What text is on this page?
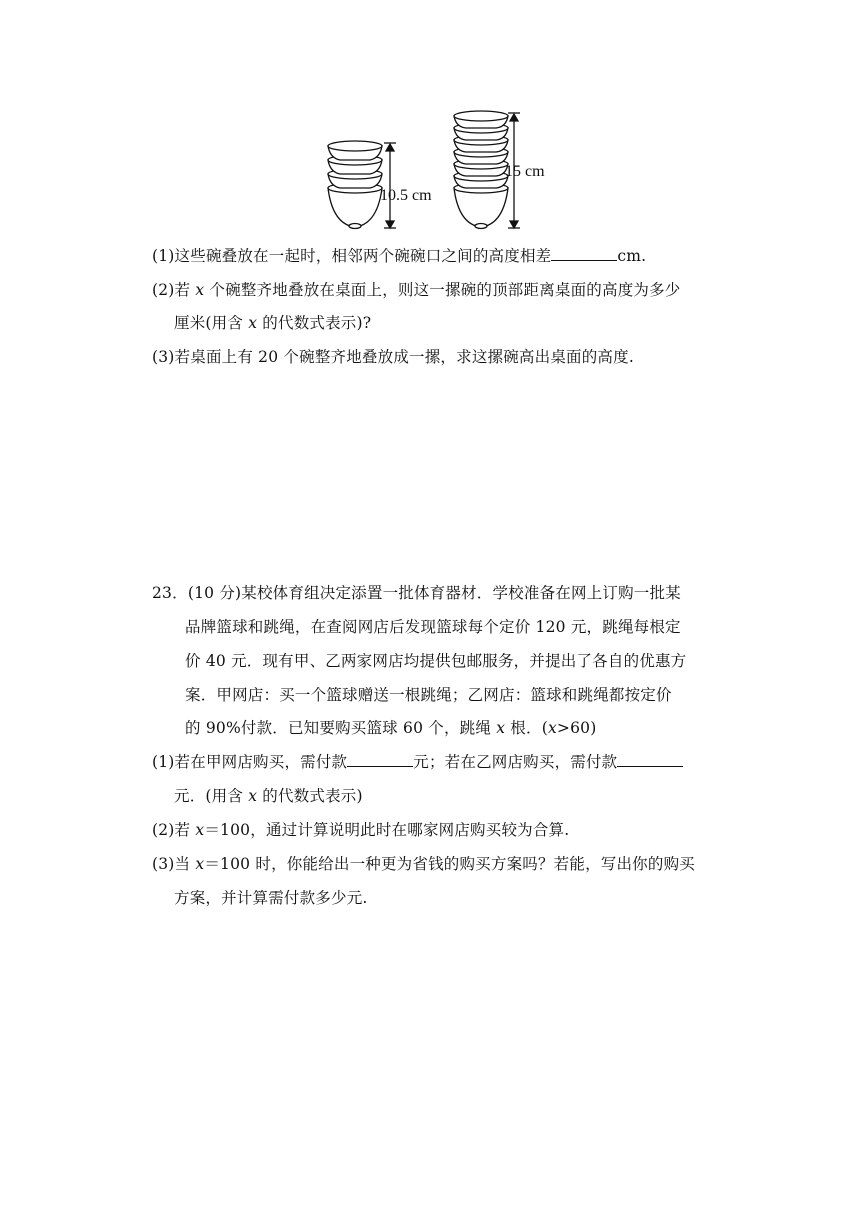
10.5 cm
15 cm
(1)这些碗叠放在一起时，相邻两个碗碗口之间的高度相差	cm.
(2)若 x 个碗整齐地叠放在桌面上，则这一摞碗的顶部距离桌面的高度为多少
厘米(用含 x 的代数式表示)?
(3)若桌面上有 20 个碗整齐地叠放成一摞，求这摞碗高出桌面的高度.
23．(10 分)某校体育组决定添置一批体育器材．学校准备在网上订购一批某
品牌篮球和跳绳，在查阅网店后发现篮球每个定价 120 元，跳绳每根定
价 40 元．现有甲、乙两家网店均提供包邮服务，并提出了各自的优惠方
案．甲网店：买一个篮球赠送一根跳绳；乙网店：篮球和跳绳都按定价
的 90%付款．已知要购买篮球 60 个，跳绳 x 根．(x>60)
(1)若在甲网店购买，需付款	元；若在乙网店购买，需付款
元．(用含 x 的代数式表示)
(2)若 x＝100，通过计算说明此时在哪家网店购买较为合算.
(3)当 x＝100 时，你能给出一种更为省钱的购买方案吗？若能，写出你的购买
方案，并计算需付款多少元.
